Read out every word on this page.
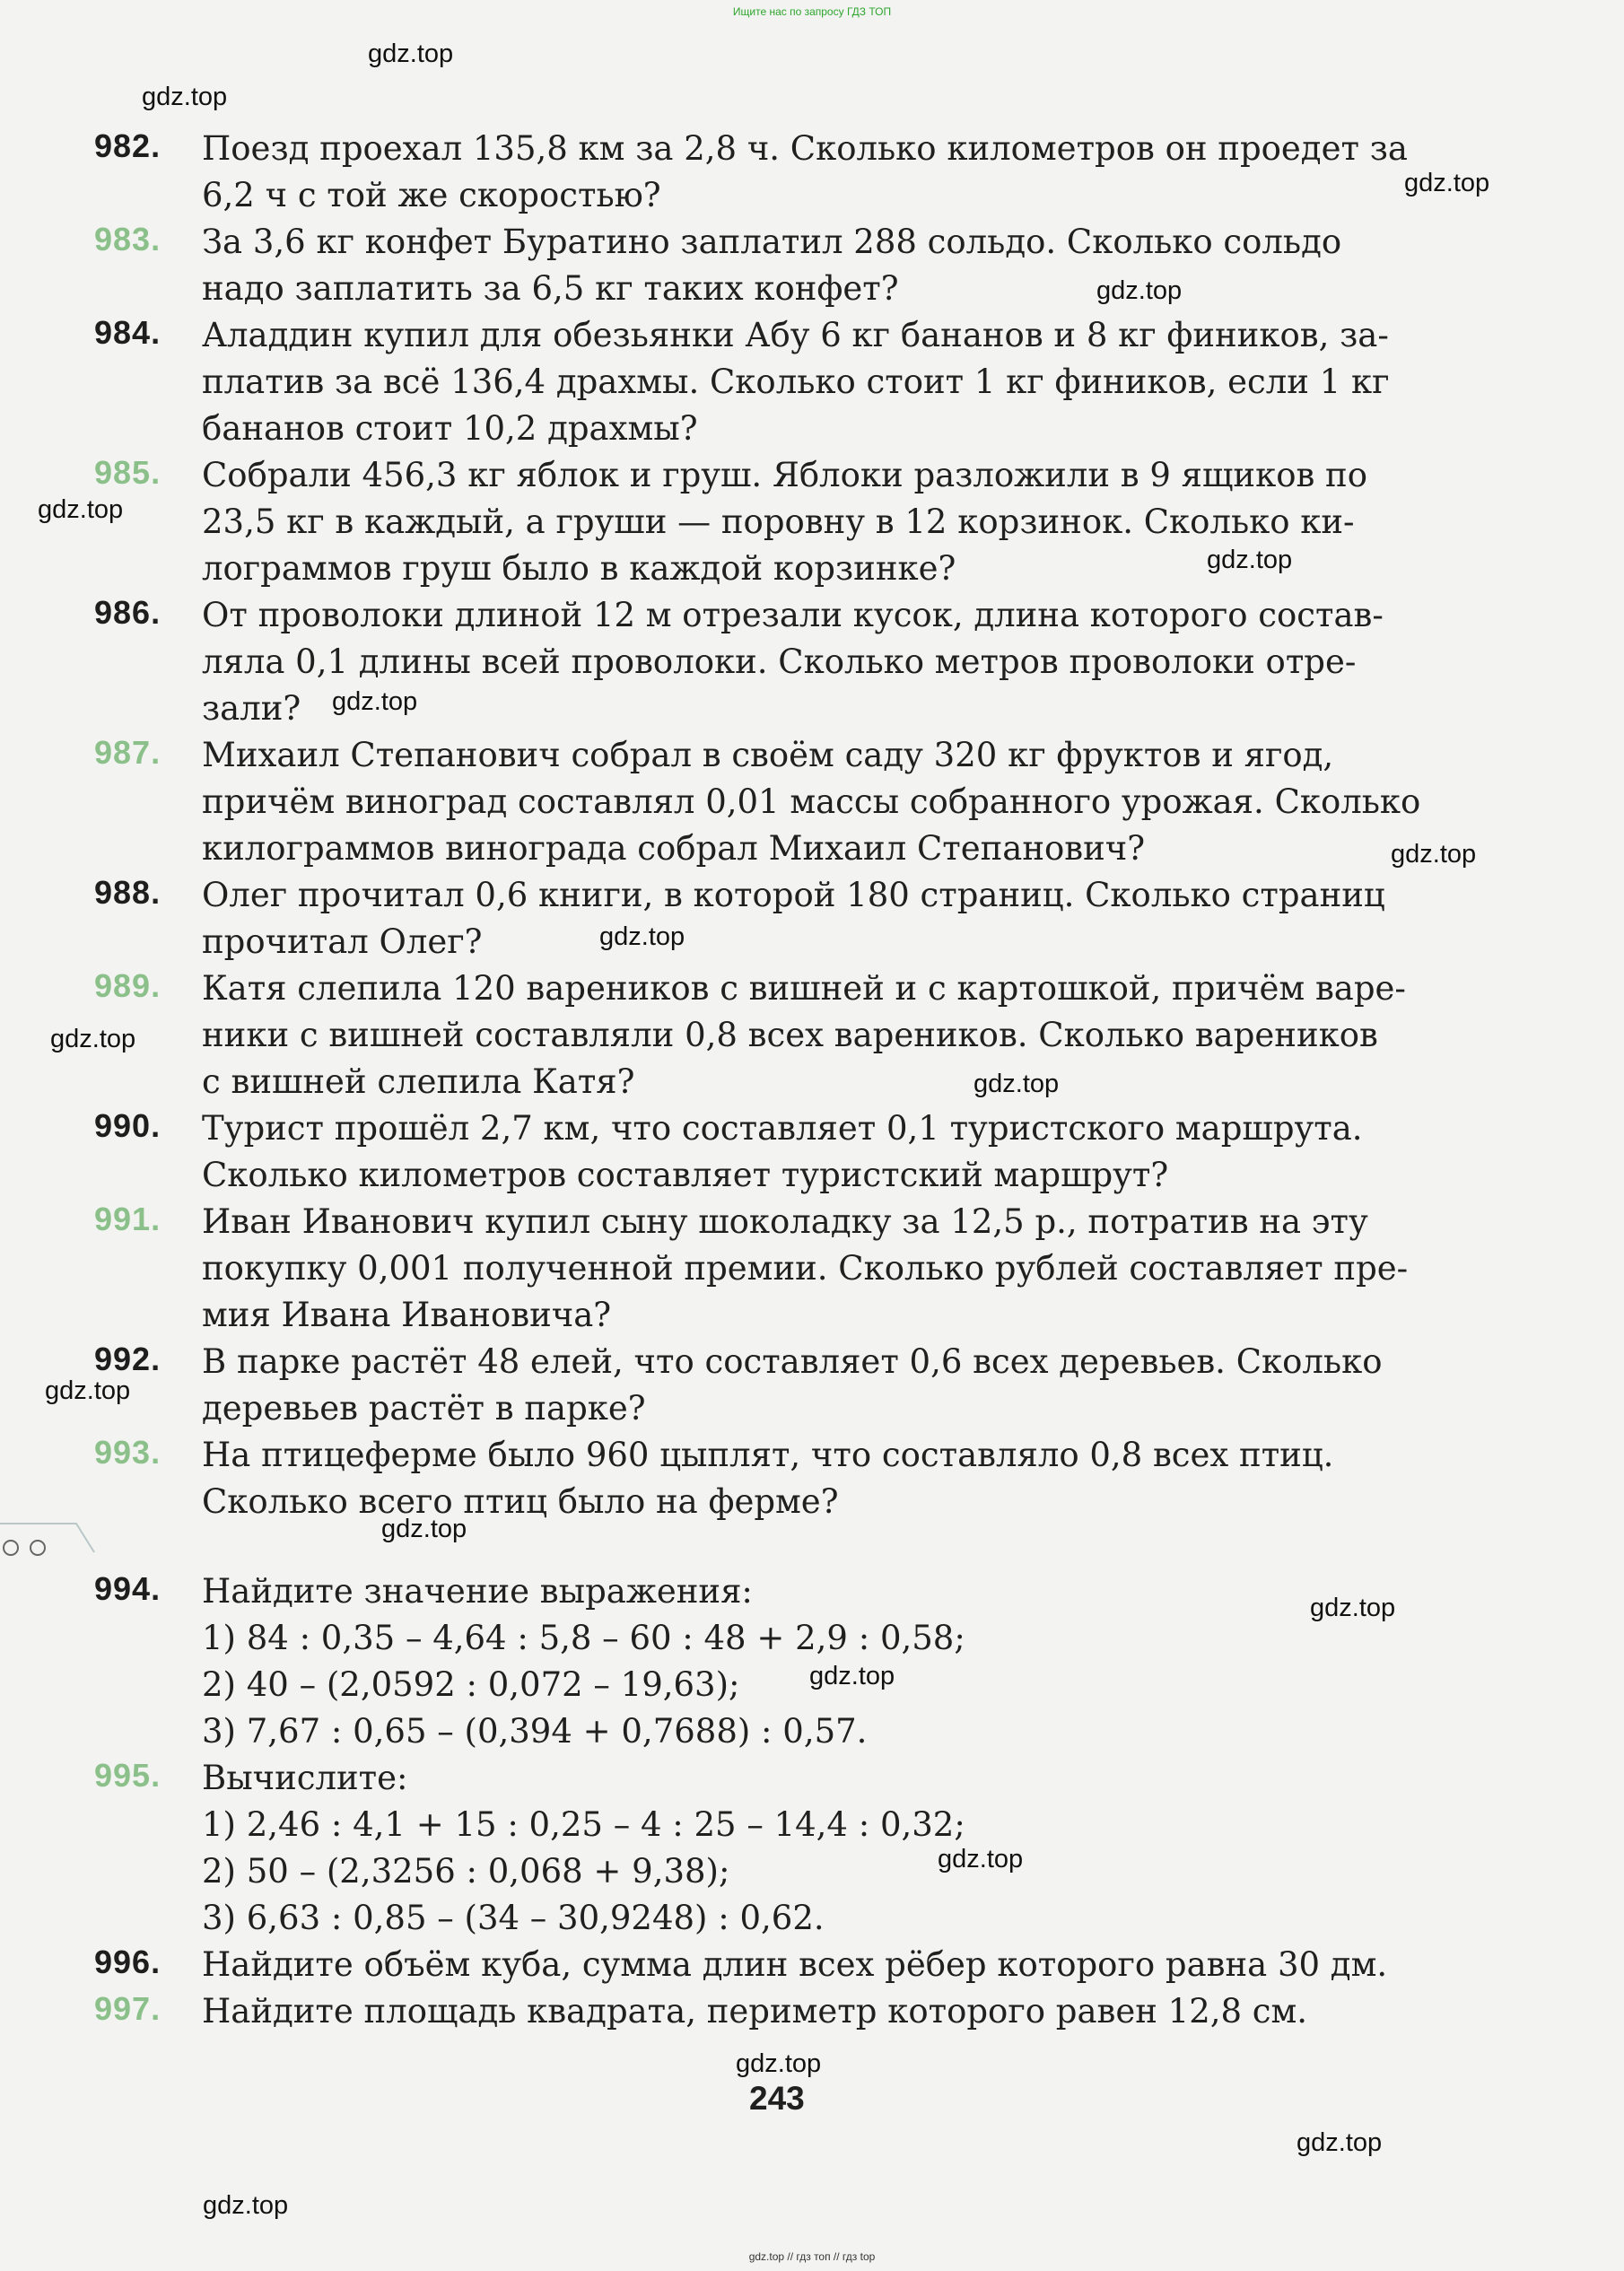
Ищите нас по запросу ГДЗ ТОП
982. Поезд проехал 135,8 км за 2,8 ч. Сколько километров он проедет за
6,2 ч с той же скоростью?
983. За 3,6 кг конфет Буратино заплатил 288 сольдо. Сколько сольдо
надо заплатить за 6,5 кг таких конфет?
984. Аладдин купил для обезьянки Абу 6 кг бананов и 8 кг фиников, за-
платив за всё 136,4 драхмы. Сколько стоит 1 кг фиников, если 1 кг
бананов стоит 10,2 драхмы?
985. Собрали 456,3 кг яблок и груш. Яблоки разложили в 9 ящиков по
23,5 кг в каждый, а груши — поровну в 12 корзинок. Сколько ки-
лограммов груш было в каждой корзинке?
986. От проволоки длиной 12 м отрезали кусок, длина которого состав-
ляла 0,1 длины всей проволоки. Сколько метров проволоки отре-
зали?
987. Михаил Степанович собрал в своём саду 320 кг фруктов и ягод,
причём виноград составлял 0,01 массы собранного урожая. Сколько
килограммов винограда собрал Михаил Степанович?
988. Олег прочитал 0,6 книги, в которой 180 страниц. Сколько страниц
прочитал Олег?
989. Катя слепила 120 вареников с вишней и с картошкой, причём варе-
ники с вишней составляли 0,8 всех вареников. Сколько вареников
с вишней слепила Катя?
990. Турист прошёл 2,7 км, что составляет 0,1 туристского маршрута.
Сколько километров составляет туристский маршрут?
991. Иван Иванович купил сыну шоколадку за 12,5 р., потратив на эту
покупку 0,001 полученной премии. Сколько рублей составляет пре-
мия Ивана Ивановича?
992. В парке растёт 48 елей, что составляет 0,6 всех деревьев. Сколько
деревьев растёт в парке?
993. На птицеферме было 960 цыплят, что составляло 0,8 всех птиц.
Сколько всего птиц было на ферме?
994. Найдите значение выражения:
1) 84 : 0,35 – 4,64 : 5,8 – 60 : 48 + 2,9 : 0,58;
2) 40 – (2,0592 : 0,072 – 19,63);
3) 7,67 : 0,65 – (0,394 + 0,7688) : 0,57.
995. Вычислите:
1) 2,46 : 4,1 + 15 : 0,25 – 4 : 25 – 14,4 : 0,32;
2) 50 – (2,3256 : 0,068 + 9,38);
3) 6,63 : 0,85 – (34 – 30,9248) : 0,62.
996. Найдите объём куба, сумма длин всех рёбер которого равна 30 дм.
997. Найдите площадь квадрата, периметр которого равен 12,8 см.
gdz.top
gdz.top
gdz.top
gdz.top
gdz.top
gdz.top
gdz.top
gdz.top
gdz.top
gdz.top
gdz.top
gdz.top
gdz.top
gdz.top
gdz.top
gdz.top
gdz.top
gdz.top
gdz.top
243
gdz.top // гдз топ // гдз top
